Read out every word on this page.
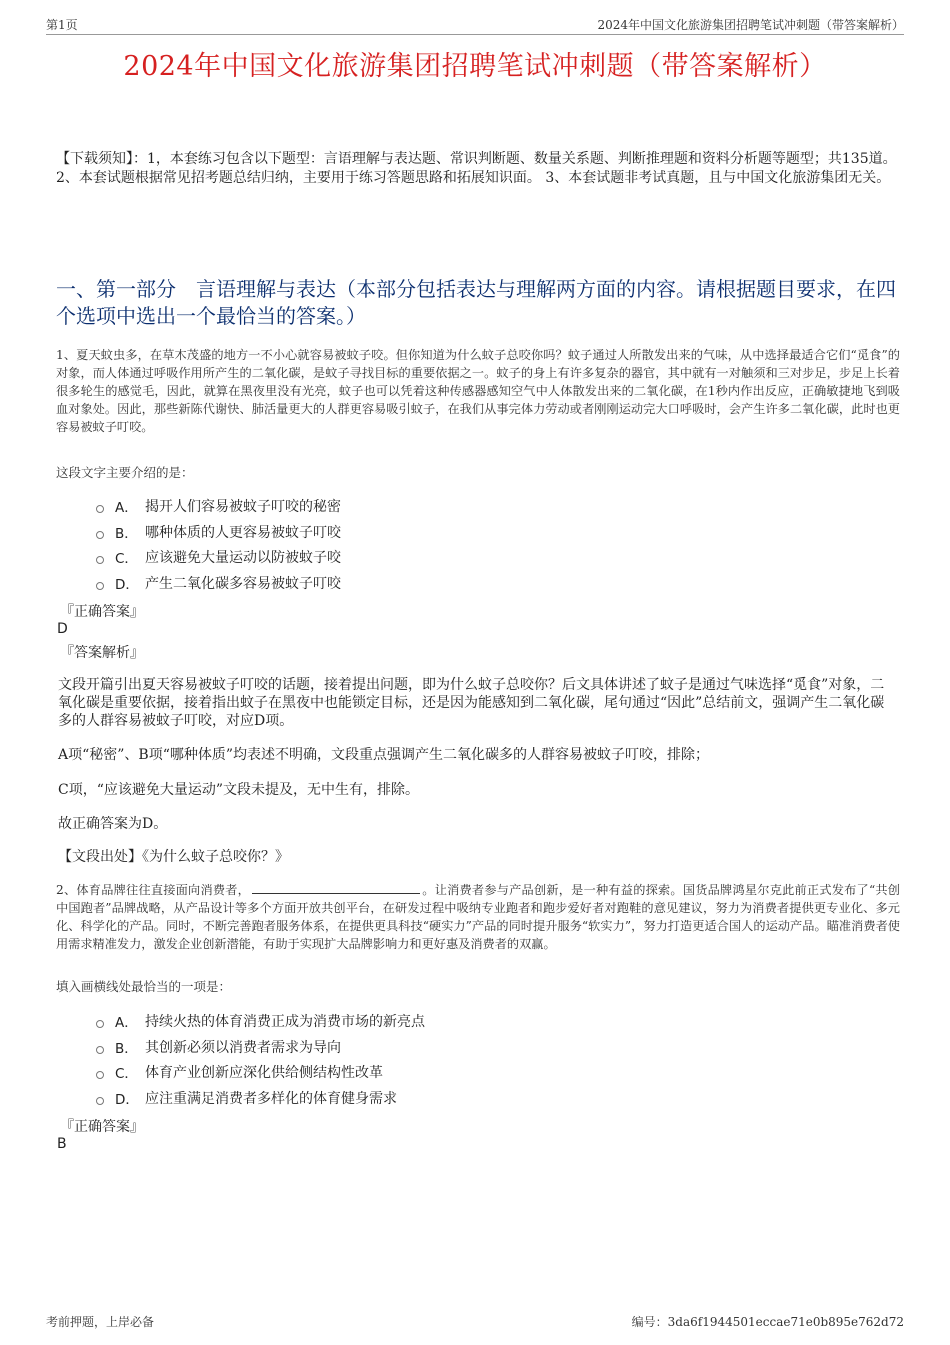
第1页	2024年中国文化旅游集团招聘笔试冲刺题（带答案解析）
2024年中国文化旅游集团招聘笔试冲刺题（带答案解析）
【下载须知】：1，本套练习包含以下题型：言语理解与表达题、常识判断题、数量关系题、判断推理题和资料分析题等题型；共135道。 2、本套试题根据常见招考题总结归纳，主要用于练习答题思路和拓展知识面。 3、本套试题非考试真题，且与中国文化旅游集团无关。
一、第一部分　言语理解与表达（本部分包括表达与理解两方面的内容。请根据题目要求，在四个选项中选出一个最恰当的答案。）
1、夏天蚊虫多，在草木茂盛的地方一不小心就容易被蚊子咬。但你知道为什么蚊子总咬你吗？蚊子通过人所散发出来的气味，从中选择最适合它们“觅食”的对象，而人体通过呼吸作用所产生的二氧化碳，是蚊子寻找目标的重要依据之一。蚊子的身上有许多复杂的器官，其中就有一对触须和三对步足，步足上长着很多轮生的感觉毛，因此，就算在黑夜里没有光亮，蚊子也可以凭着这种传感器感知空气中人体散发出来的二氧化碳，在1秒内作出反应，正确敏捷地飞到吸血对象处。因此，那些新陈代谢快、肺活量更大的人群更容易吸引蚊子，在我们从事完体力劳动或者刚刚运动完大口呼吸时，会产生许多二氧化碳，此时也更容易被蚊子叮咬。
这段文字主要介绍的是：
A． 揭开人们容易被蚊子叮咬的秘密
B． 哪种体质的人更容易被蚊子叮咬
C． 应该避免大量运动以防被蚊子咬
D． 产生二氧化碳多容易被蚊子叮咬
『正确答案』
D
『答案解析』
文段开篇引出夏天容易被蚊子叮咬的话题，接着提出问题，即为什么蚊子总咬你？后文具体讲述了蚊子是通过气味选择“觅食”对象，二氧化碳是重要依据，接着指出蚊子在黑夜中也能锁定目标，还是因为能感知到二氧化碳，尾句通过“因此”总结前文，强调产生二氧化碳多的人群容易被蚊子叮咬，对应D项。
A项“秘密”、B项“哪种体质”均表述不明确，文段重点强调产生二氧化碳多的人群容易被蚊子叮咬，排除；
C项，“应该避免大量运动”文段未提及，无中生有，排除。
故正确答案为D。
【文段出处】《为什么蚊子总咬你？》
2、体育品牌往往直接面向消费者，	。让消费者参与产品创新，是一种有益的探索。国货品牌鸿星尔克此前正式发布了“共创中国跑者”品牌战略，从产品设计等多个方面开放共创平台，在研发过程中吸纳专业跑者和跑步爱好者对跑鞋的意见建议，努力为消费者提供更专业化、多元化、科学化的产品。同时，不断完善跑者服务体系，在提供更具科技“硬实力”产品的同时提升服务“软实力”，努力打造更适合国人的运动产品。瞄准消费者使用需求精准发力，激发企业创新潜能，有助于实现扩大品牌影响力和更好惠及消费者的双赢。
填入画横线处最恰当的一项是：
A． 持续火热的体育消费正成为消费市场的新亮点
B． 其创新必须以消费者需求为导向
C． 体育产业创新应深化供给侧结构性改革
D． 应注重满足消费者多样化的体育健身需求
『正确答案』
B
考前押题，上岸必备	编号：3da6f1944501eccae71e0b895e762d72
